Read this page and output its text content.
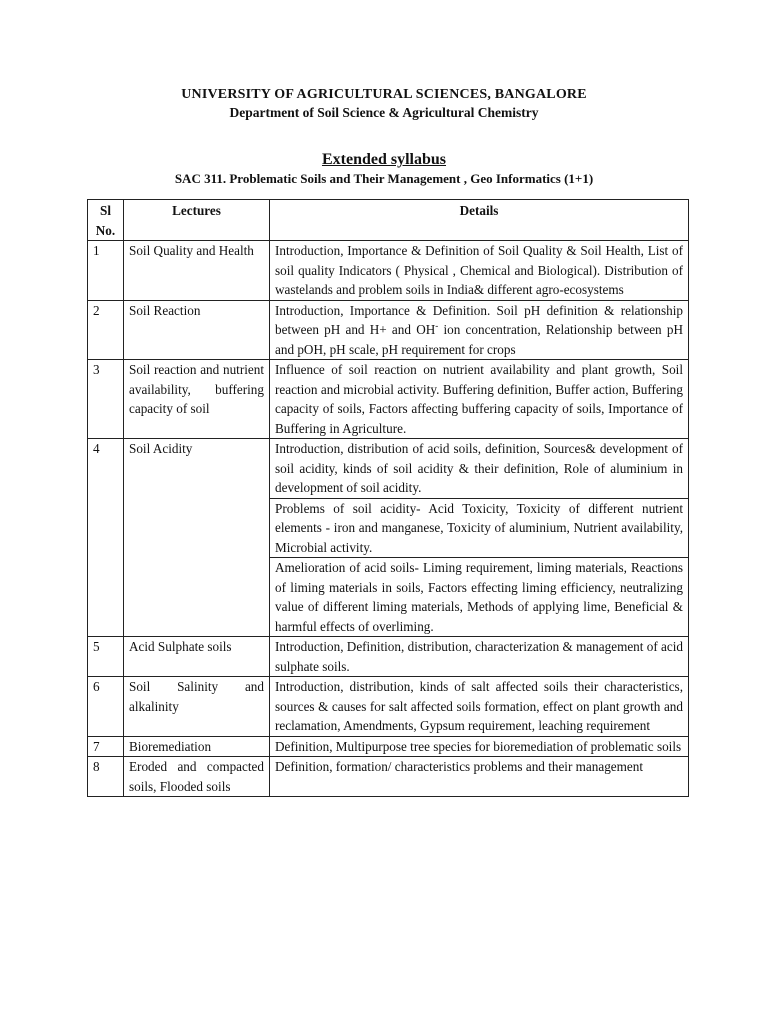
UNIVERSITY OF AGRICULTURAL SCIENCES, BANGALORE
Department of Soil Science & Agricultural Chemistry
Extended syllabus
SAC 311. Problematic Soils and Their Management , Geo Informatics (1+1)
Sl No.	Lectures	Details
1	Soil Quality and Health	Introduction, Importance & Definition of Soil Quality & Soil Health, List of soil quality Indicators ( Physical , Chemical and Biological). Distribution of wastelands and problem soils in India& different agro-ecosystems
2	Soil Reaction	Introduction, Importance & Definition. Soil pH definition & relationship between pH and H+ and OH- ion concentration, Relationship between pH and pOH, pH scale, pH requirement for crops
3	Soil reaction and nutrient availability, buffering capacity of soil	Influence of soil reaction on nutrient availability and plant growth, Soil reaction and microbial activity. Buffering definition, Buffer action, Buffering capacity of soils, Factors affecting buffering capacity of soils, Importance of Buffering in Agriculture.
4	Soil Acidity	Introduction, distribution of acid soils, definition, Sources& development of soil acidity, kinds of soil acidity & their definition, Role of aluminium in development of soil acidity.
		Problems of soil acidity- Acid Toxicity, Toxicity of different nutrient elements - iron and manganese, Toxicity of aluminium, Nutrient availability, Microbial activity.
		Amelioration of acid soils- Liming requirement, liming materials, Reactions of liming materials in soils, Factors effecting liming efficiency, neutralizing value of different liming materials, Methods of applying lime, Beneficial & harmful effects of overliming.
5	Acid Sulphate soils	Introduction, Definition, distribution, characterization & management of acid sulphate soils.
6	Soil Salinity and alkalinity	Introduction, distribution, kinds of salt affected soils their characteristics, sources & causes for salt affected soils formation, effect on plant growth and reclamation, Amendments, Gypsum requirement, leaching requirement
7	Bioremediation	Definition, Multipurpose tree species for bioremediation of problematic soils
8	Eroded and compacted soils, Flooded soils	Definition, formation/ characteristics problems and their management
